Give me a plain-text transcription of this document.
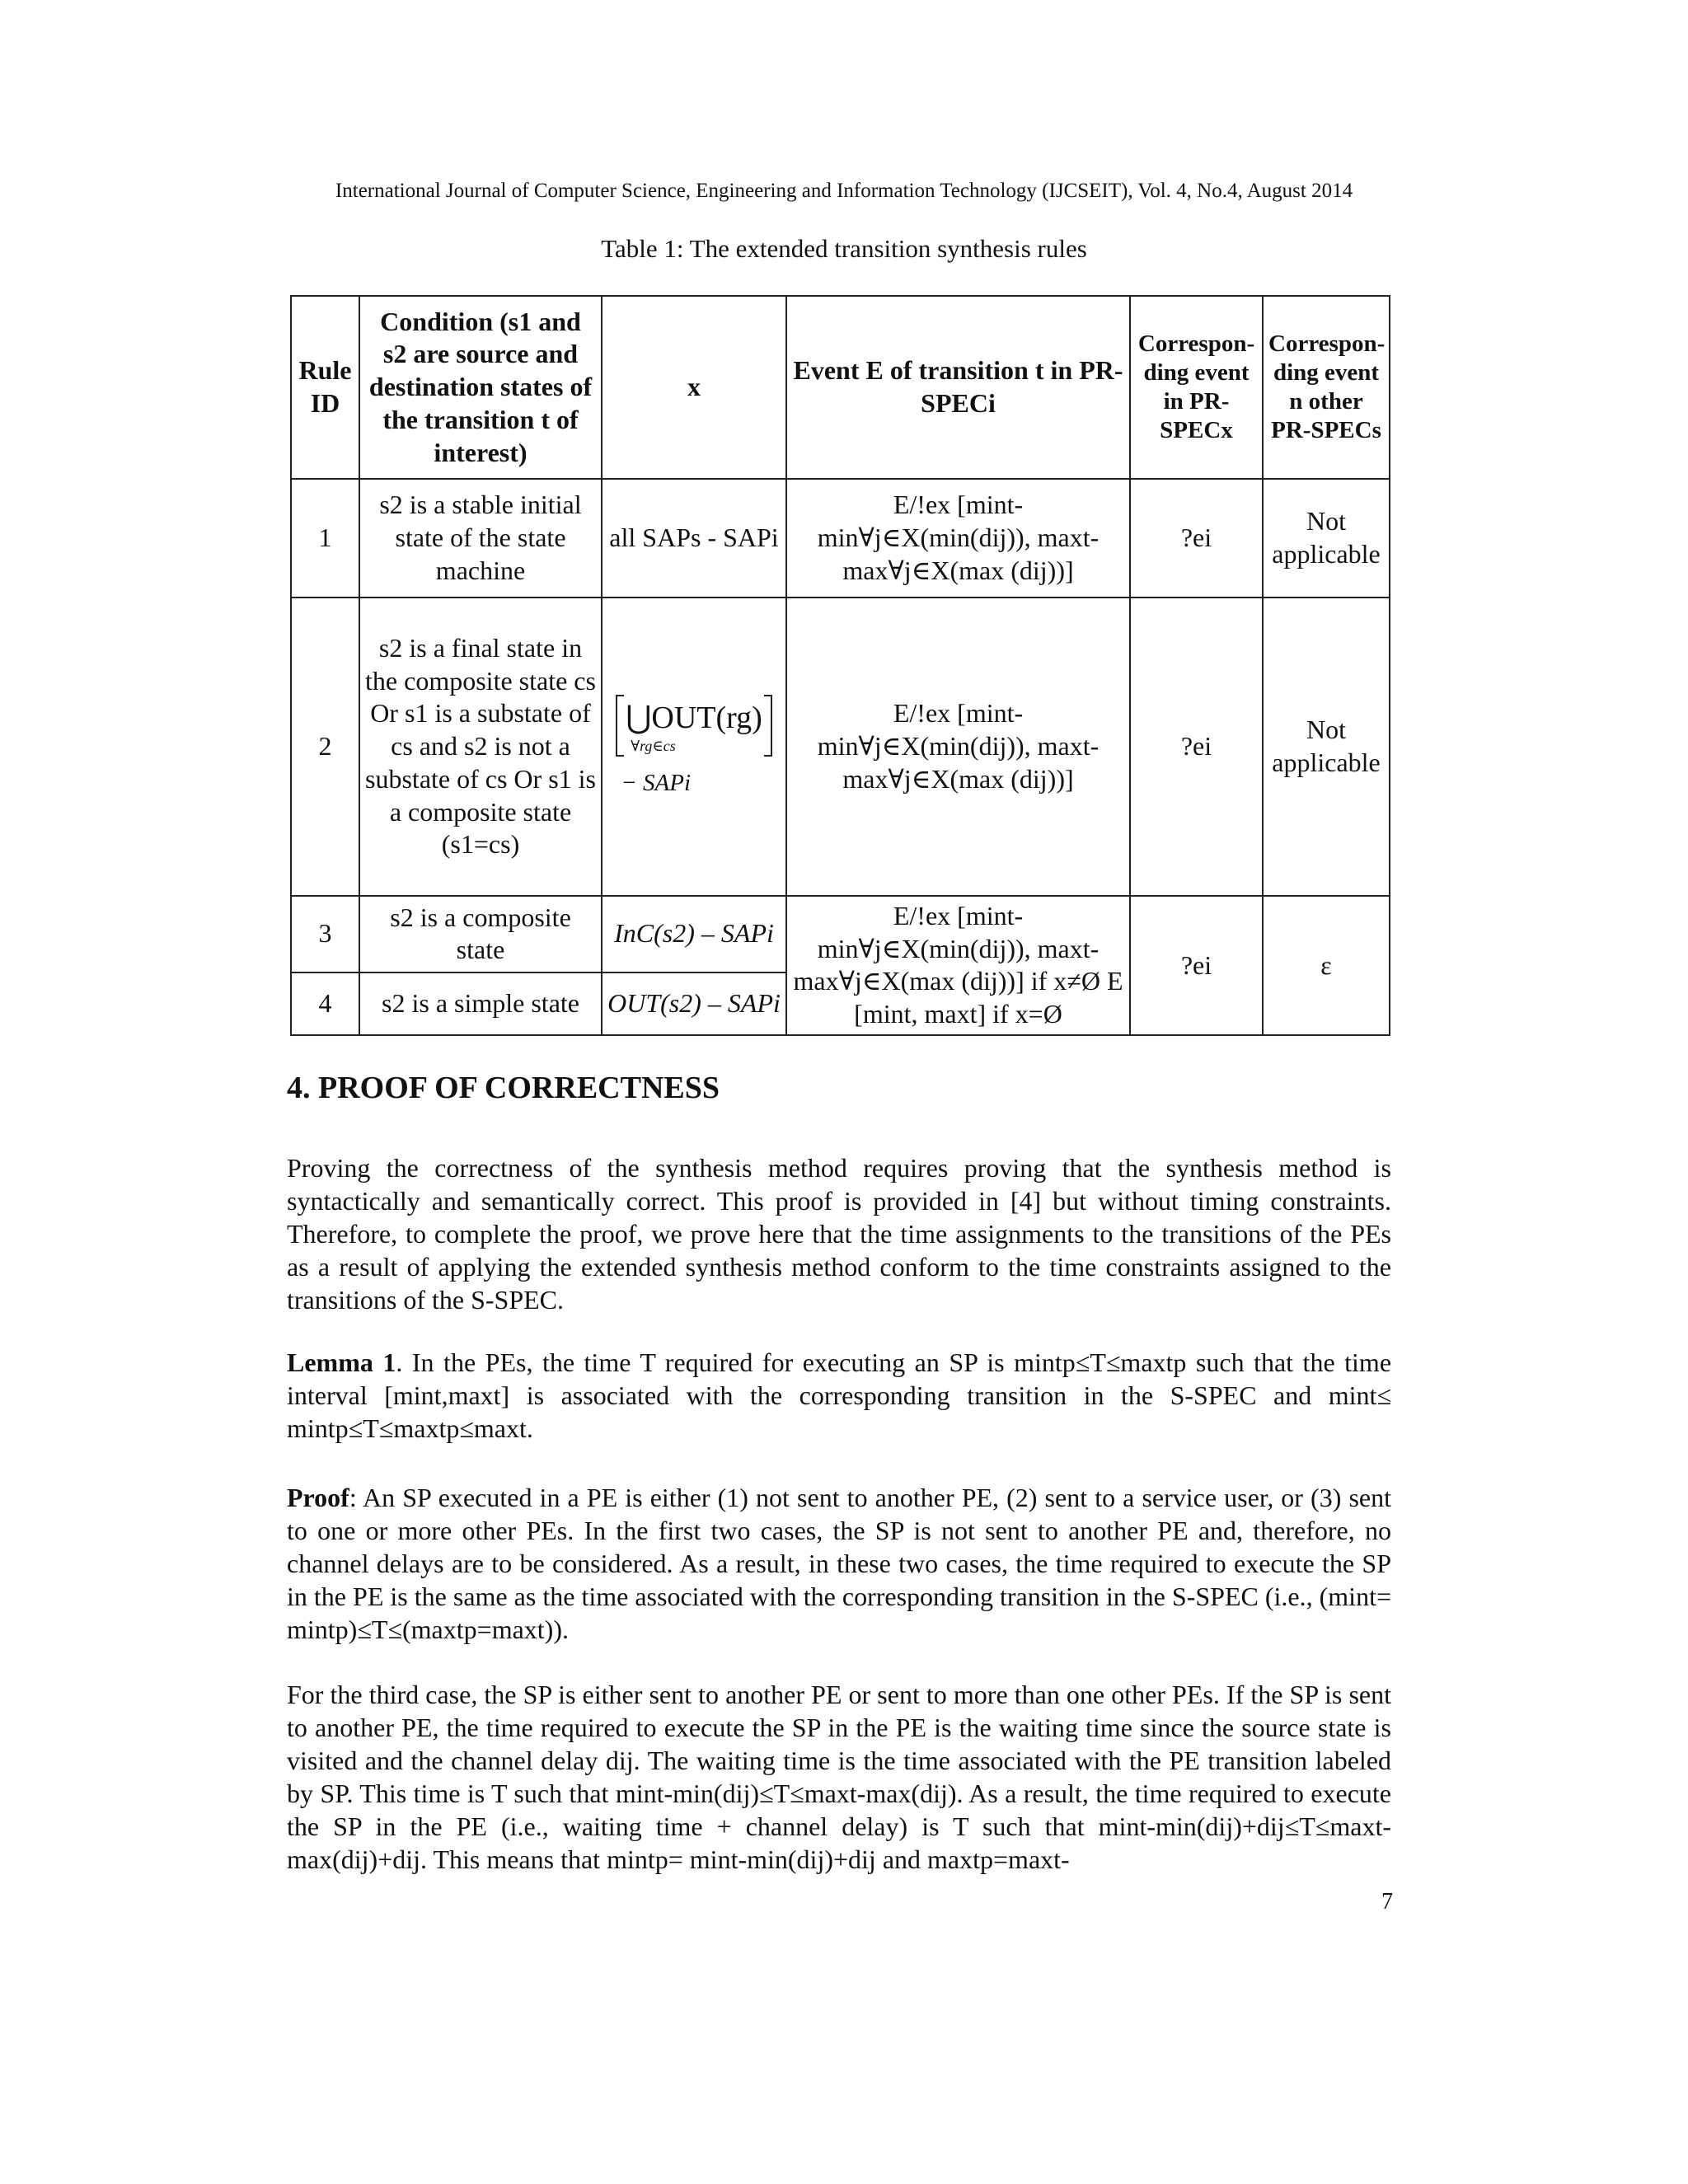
International Journal of Computer Science, Engineering and Information Technology (IJCSEIT), Vol. 4, No.4, August 2014
Table 1: The extended transition synthesis rules
Rule ID	Condition (s1 and s2 are source and destination states of the transition t of interest)	x	Event E of transition t in PR-SPECi	Correspon-ding event in PR-SPECx	Correspon-ding event n other PR-SPECs
1	s2 is a stable initial state of the state machine	all SAPs - SAPi	E/!ex [mint-min∀j∈X(min(dij)), maxt-max∀j∈X(max (dij))]	?ei	Not applicable
2	s2 is a final state in the composite state cs Or s1 is a substate of cs and s2 is not a substate of cs Or s1 is a composite state (s1=cs)	⋃OUT(rg)
∀rg∈cs
− SAPi	E/!ex [mint-min∀j∈X(min(dij)), maxt-max∀j∈X(max (dij))]	?ei	Not applicable
3	s2 is a composite state	InC(s2) – SAPi	E/!ex [mint-min∀j∈X(min(dij)), maxt-max∀j∈X(max (dij))] if x≠Ø E [mint, maxt] if x=Ø	?ei	ε
4	s2 is a simple state	OUT(s2) – SAPi			
4. PROOF OF CORRECTNESS
Proving the correctness of the synthesis method requires proving that the synthesis method is syntactically and semantically correct. This proof is provided in [4] but without timing constraints. Therefore, to complete the proof, we prove here that the time assignments to the transitions of the PEs as a result of applying the extended synthesis method conform to the time constraints assigned to the transitions of the S-SPEC.
Lemma 1. In the PEs, the time T required for executing an SP is mintp≤T≤maxtp such that the time interval [mint,maxt] is associated with the corresponding transition in the S-SPEC and mint≤ mintp≤T≤maxtp≤maxt.
Proof: An SP executed in a PE is either (1) not sent to another PE, (2) sent to a service user, or (3) sent to one or more other PEs. In the first two cases, the SP is not sent to another PE and, therefore, no channel delays are to be considered. As a result, in these two cases, the time required to execute the SP in the PE is the same as the time associated with the corresponding transition in the S-SPEC (i.e., (mint= mintp)≤T≤(maxtp=maxt)).
For the third case, the SP is either sent to another PE or sent to more than one other PEs. If the SP is sent to another PE, the time required to execute the SP in the PE is the waiting time since the source state is visited and the channel delay dij. The waiting time is the time associated with the PE transition labeled by SP. This time is T such that mint-min(dij)≤T≤maxt-max(dij). As a result, the time required to execute the SP in the PE (i.e., waiting time + channel delay) is T such that mint-min(dij)+dij≤T≤maxt-max(dij)+dij. This means that mintp= mint-min(dij)+dij and maxtp=maxt-
7
